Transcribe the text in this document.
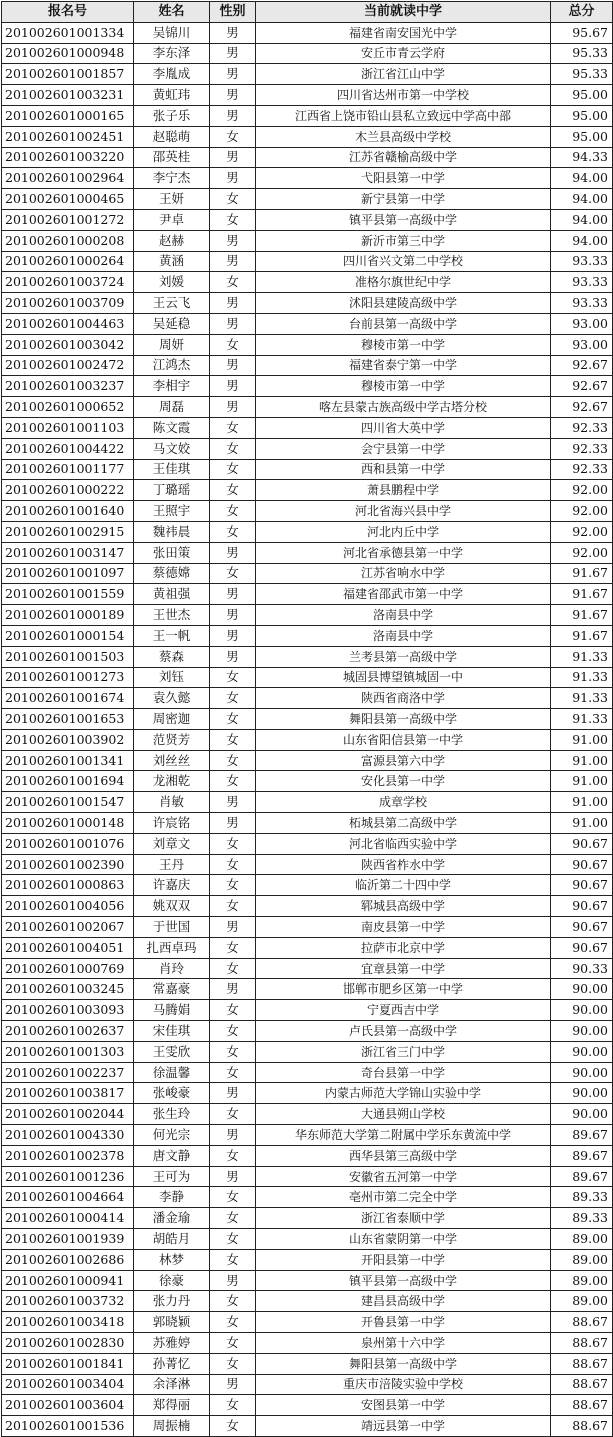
报名号	姓名	性别	当前就读中学	总分
201002601001334	吴锦川	男	福建省南安国光中学	95.67
201002601000948	李东泽	男	安丘市青云学府	95.33
201002601001857	李胤成	男	浙江省江山中学	95.33
201002601003231	黄虹玮	男	四川省达州市第一中学校	95.00
201002601000165	张子乐	男	江西省上饶市铅山县私立致远中学高中部	95.00
201002601002451	赵聪萌	女	木兰县高级中学校	95.00
201002601003220	邵英桂	男	江苏省赣榆高级中学	94.33
201002601002964	李宁杰	男	弋阳县第一中学	94.00
201002601000465	王妍	女	新宁县第一中学	94.00
201002601001272	尹卓	女	镇平县第一高级中学	94.00
201002601000208	赵赫	男	新沂市第三中学	94.00
201002601000264	黄涵	男	四川省兴文第二中学校	93.33
201002601003724	刘媛	女	准格尔旗世纪中学	93.33
201002601003709	王云飞	男	沭阳县建陵高级中学	93.33
201002601004463	吴延稳	男	台前县第一高级中学	93.00
201002601003042	周妍	女	穆棱市第一中学	93.00
201002601002472	江鸿杰	男	福建省泰宁第一中学	92.67
201002601003237	李相宇	男	穆棱市第一中学	92.67
201002601000652	周磊	男	喀左县蒙古族高级中学古塔分校	92.67
201002601001103	陈文霞	女	四川省大英中学	92.33
201002601004422	马文姣	女	会宁县第一中学	92.33
201002601001177	王佳琪	女	西和县第一中学	92.33
201002601000222	丁璐瑶	女	萧县鹏程中学	92.00
201002601001640	王照宇	女	河北省海兴县中学	92.00
201002601002915	魏祎晨	女	河北内丘中学	92.00
201002601003147	张田策	男	河北省承德县第一中学	92.00
201002601001097	蔡德嫦	女	江苏省响水中学	91.67
201002601001559	黄祖强	男	福建省邵武市第一中学	91.67
201002601000189	王世杰	男	洛南县中学	91.67
201002601000154	王一帆	男	洛南县中学	91.67
201002601001503	蔡森	男	兰考县第一高级中学	91.33
201002601001273	刘钰	女	城固县博望镇城固一中	91.33
201002601001674	袁久懿	女	陕西省商洛中学	91.33
201002601001653	周密迦	女	舞阳县第一高级中学	91.33
201002601003902	范贤芳	女	山东省阳信县第一中学	91.00
201002601001341	刘丝丝	女	富源县第六中学	91.00
201002601001694	龙湘乾	女	安化县第一中学	91.00
201002601001547	肖敏	男	成章学校	91.00
201002601000148	许宸铭	男	柘城县第二高级中学	91.00
201002601001076	刘章文	女	河北省临西实验中学	90.67
201002601002390	王丹	女	陕西省柞水中学	90.67
201002601000863	许嘉庆	女	临沂第二十四中学	90.67
201002601004056	姚双双	女	郓城县高级中学	90.67
201002601002067	于世国	男	南皮县第一中学	90.67
201002601004051	扎西卓玛	女	拉萨市北京中学	90.67
201002601000769	肖玲	女	宜章县第一中学	90.33
201002601003245	常嘉豪	男	邯郸市肥乡区第一中学	90.00
201002601003093	马腾娟	女	宁夏西吉中学	90.00
201002601002637	宋佳琪	女	卢氏县第一高级中学	90.00
201002601001303	王雯欣	女	浙江省三门中学	90.00
201002601002237	徐温馨	女	奇台县第一中学	90.00
201002601003817	张峻豪	男	内蒙古师范大学锦山实验中学	90.00
201002601002044	张生玲	女	大通县朔山学校	90.00
201002601004330	何光宗	男	华东师范大学第二附属中学乐东黄流中学	89.67
201002601002378	唐文静	女	西华县第三高级中学	89.67
201002601001236	王可为	男	安徽省五河第一中学	89.67
201002601004664	李静	女	亳州市第二完全中学	89.33
201002601000414	潘金瑜	女	浙江省泰顺中学	89.33
201002601001939	胡皓月	女	山东省蒙阴第一中学	89.00
201002601002686	林梦	女	开阳县第一中学	89.00
201002601000941	徐豪	男	镇平县第一高级中学	89.00
201002601003732	张力丹	女	建昌县高级中学	89.00
201002601003418	郭晓颖	女	开鲁县第一中学	88.67
201002601002830	苏雅婷	女	泉州第十六中学	88.67
201002601001841	孙菁忆	女	舞阳县第一高级中学	88.67
201002601003404	余泽淋	男	重庆市涪陵实验中学校	88.67
201002601003604	郑得丽	女	安图县第一中学	88.67
201002601001536	周振楠	女	靖远县第一中学	88.67
